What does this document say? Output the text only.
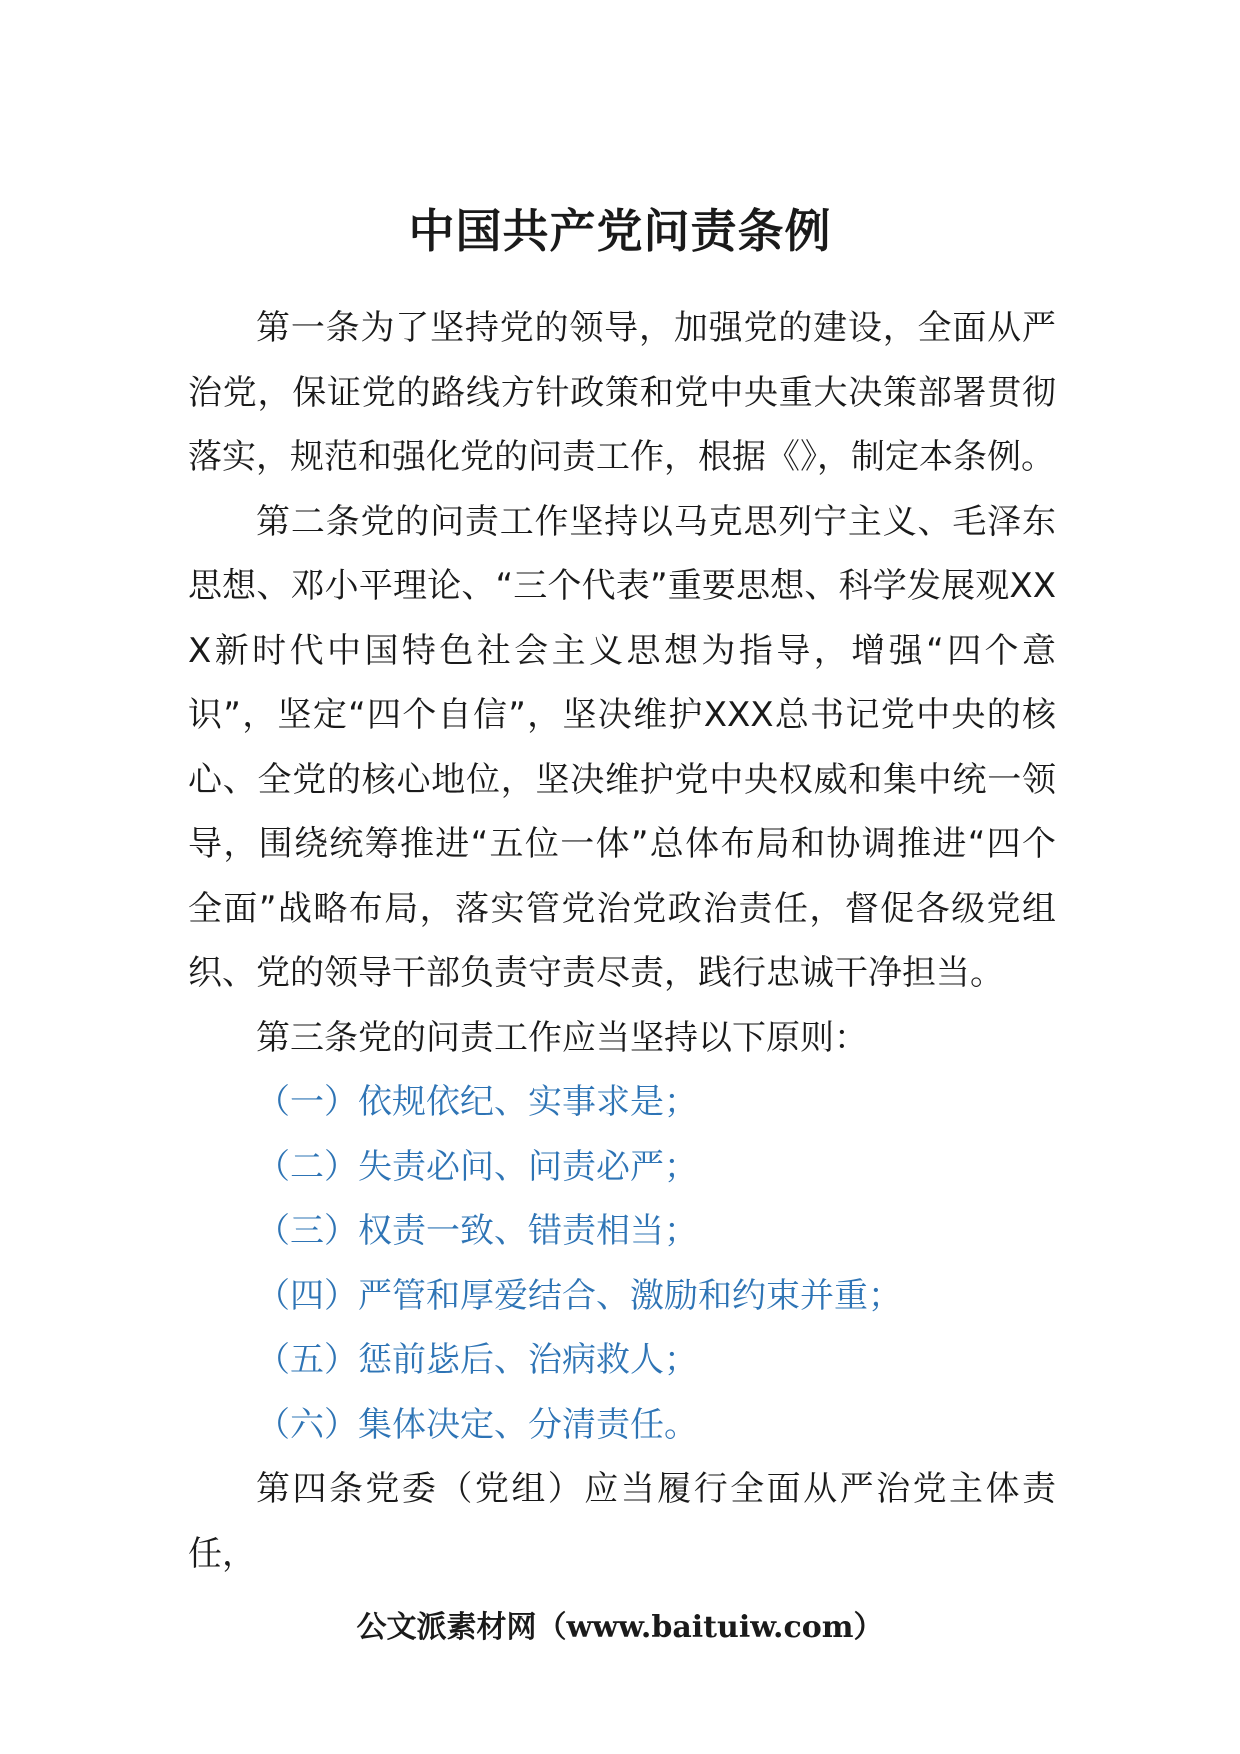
中国共产党问责条例

第一条为了坚持党的领导，加强党的建设，全面从严治党，保证党的路线方针政策和党中央重大决策部署贯彻落实，规范和强化党的问责工作，根据《》，制定本条例。

第二条党的问责工作坚持以马克思列宁主义、毛泽东思想、邓小平理论、“三个代表”重要思想、科学发展观XXX新时代中国特色社会主义思想为指导，增强“四个意识”，坚定“四个自信”，坚决维护XXX总书记党中央的核心、全党的核心地位，坚决维护党中央权威和集中统一领导，围绕统筹推进“五位一体”总体布局和协调推进“四个全面”战略布局，落实管党治党政治责任，督促各级党组织、党的领导干部负责守责尽责，践行忠诚干净担当。

第三条党的问责工作应当坚持以下原则：

（一）依规依纪、实事求是；

（二）失责必问、问责必严；

（三）权责一致、错责相当；

（四）严管和厚爱结合、激励和约束并重；

（五）惩前毖后、治病救人；

（六）集体决定、分清责任。

第四条党委（党组）应当履行全面从严治党主体责任，

公文派素材网（www.baituiw.com）
